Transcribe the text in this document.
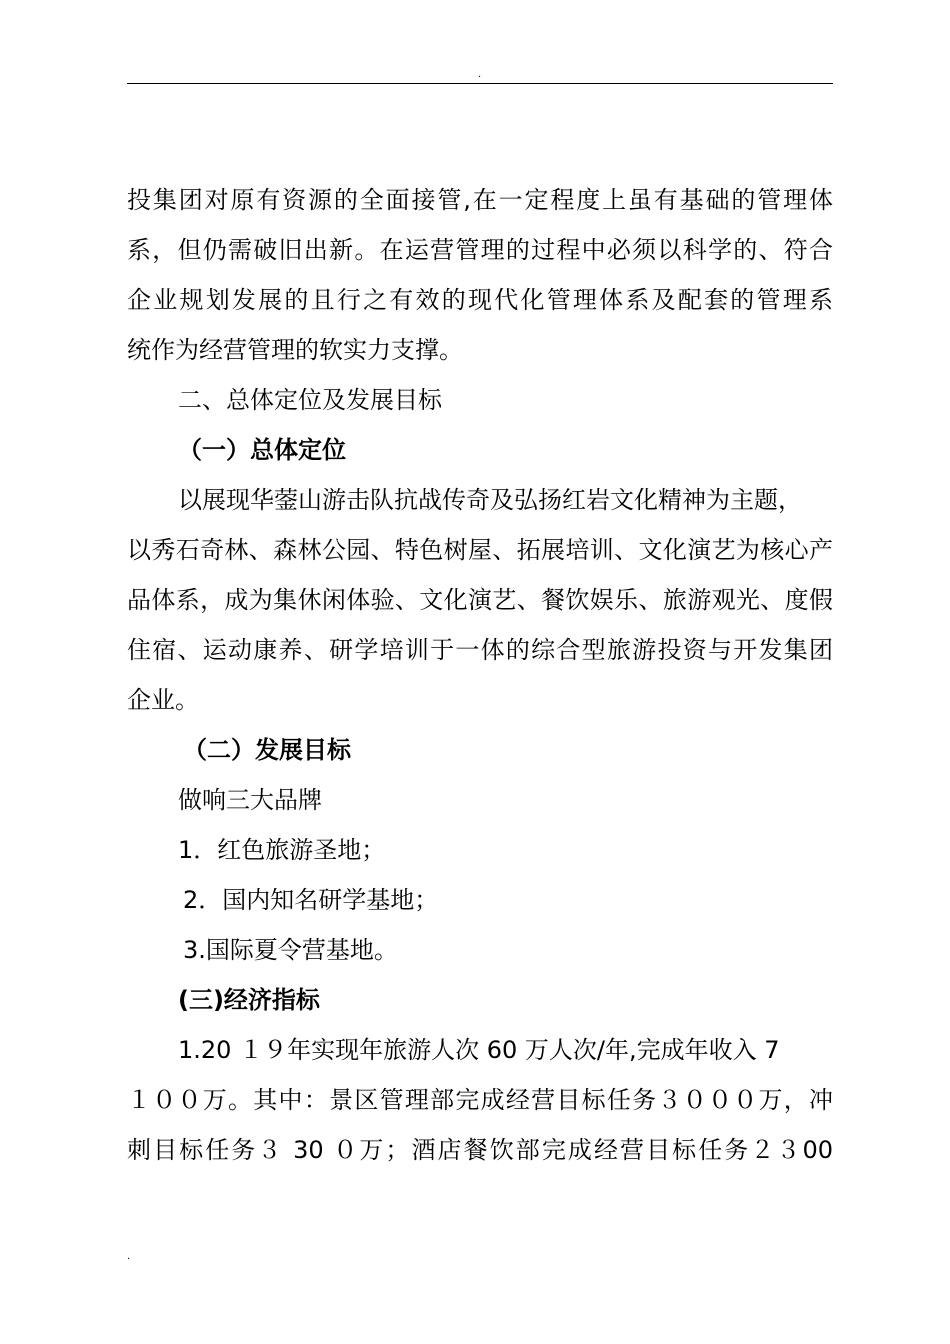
.
投集团对原有资源的全面接管,在一定程度上虽有基础的管理体
系，但仍需破旧出新。在运营管理的过程中必须以科学的、符合
企业规划发展的且行之有效的现代化管理体系及配套的管理系
统作为经营管理的软实力支撑。
二、总体定位及发展目标
（一）总体定位
以展现华蓥山游击队抗战传奇及弘扬红岩文化精神为主题，
以秀石奇林、森林公园、特色树屋、拓展培训、文化演艺为核心产
品体系，成为集休闲体验、文化演艺、餐饮娱乐、旅游观光、度假
住宿、运动康养、研学培训于一体的综合型旅游投资与开发集团
企业。
（二）发展目标
做响三大品牌
1．红色旅游圣地；
2．国内知名研学基地；
3.国际夏令营基地。
(三)经济指标
1.20 １９年实现年旅游人次 60 万人次/年,完成年收入 7
１００万。其中：景区管理部完成经营目标任务３０００万，冲
刺目标任务３ 30 ０万；酒店餐饮部完成经营目标任务２３00
.
